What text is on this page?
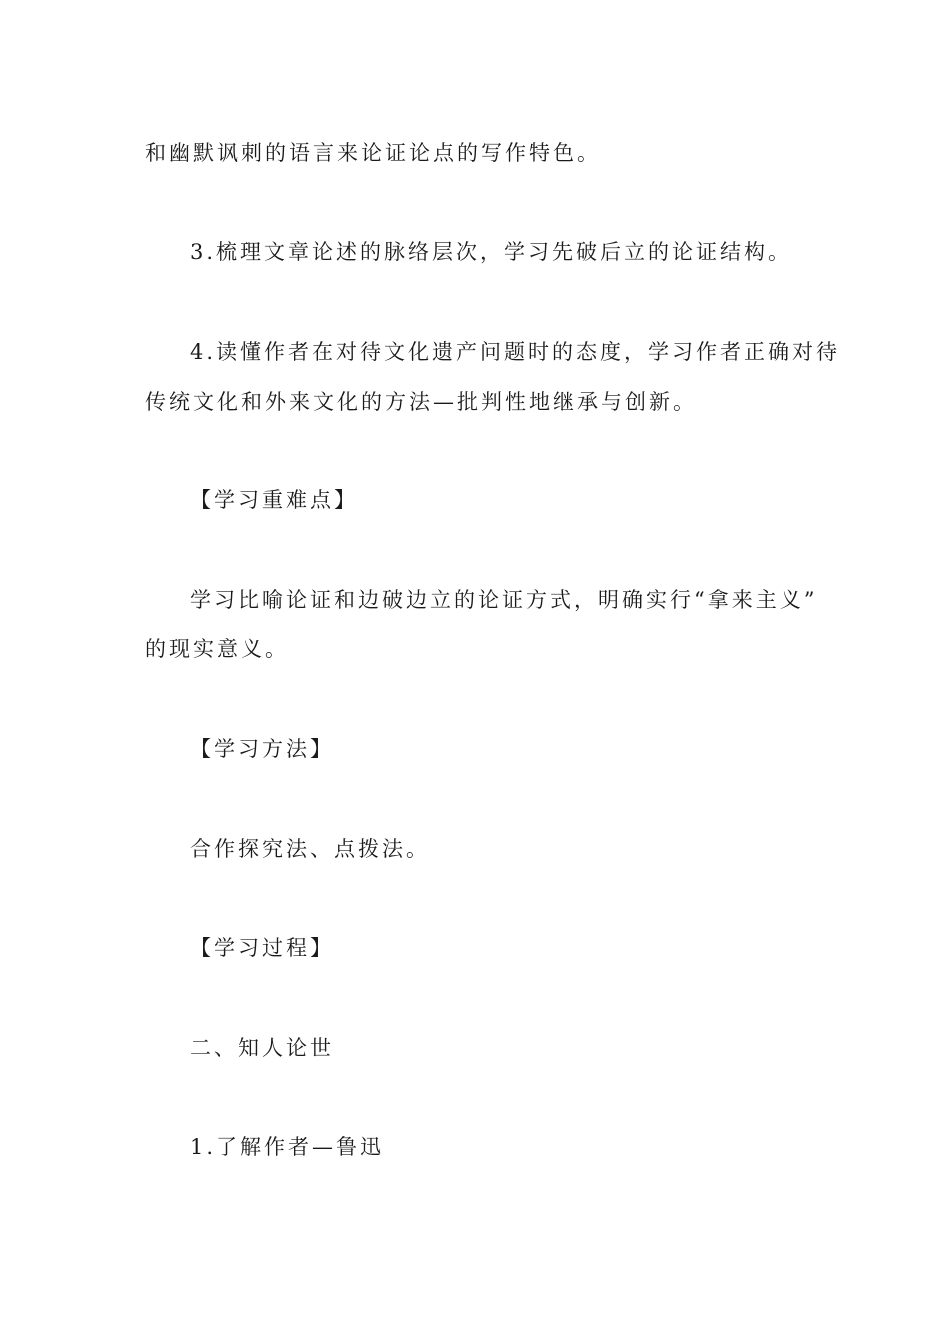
和幽默讽刺的语言来论证论点的写作特色。
3.梳理文章论述的脉络层次，学习先破后立的论证结构。
4.读懂作者在对待文化遗产问题时的态度，学习作者正确对待
传统文化和外来文化的方法—批判性地继承与创新。
【学习重难点】
学习比喻论证和边破边立的论证方式，明确实行“拿来主义”
的现实意义。
【学习方法】
合作探究法、点拨法。
【学习过程】
二、知人论世
1.了解作者—鲁迅
